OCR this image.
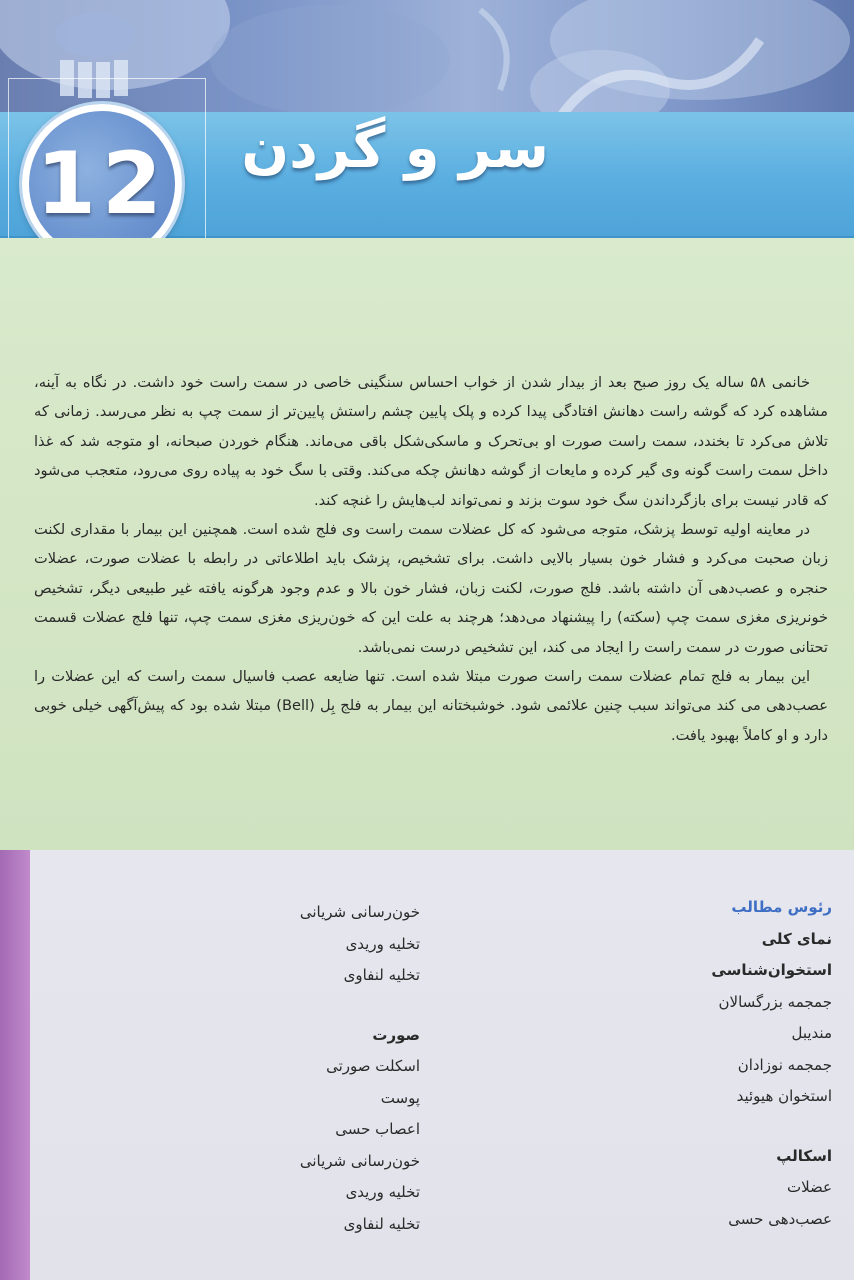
12 سر و گردن

خانمی ۵۸ ساله یک روز صبح بعد از بیدار شدن از خواب احساس سنگینی خاصی در سمت راست خود داشت. در نگاه به آینه، مشاهده کرد که گوشه راست دهانش افتادگی پیدا کرده و پلک پایین چشم راستش پایین‌تر از سمت چپ به نظر می‌رسد. زمانی که تلاش می‌کرد تا بخندد، سمت راست صورت او بی‌تحرک و ماسکی‌شکل باقی می‌ماند. هنگام خوردن صبحانه، او متوجه شد که غذا داخل سمت راست گونه وی گیر کرده و مایعات از گوشه دهانش چکه می‌کند. وقتی با سگ خود به پیاده روی می‌رود، متعجب می‌شود که قادر نیست برای بازگرداندن سگ خود سوت بزند و نمی‌تواند لب‌هایش را غنچه کند.

در معاینه اولیه توسط پزشک، متوجه می‌شود که کل عضلات سمت راست وی فلج شده است. همچنین این بیمار با مقداری لکنت زبان صحبت می‌کرد و فشار خون بسیار بالایی داشت. برای تشخیص، پزشک باید اطلاعاتی در رابطه با عضلات صورت، عضلات حنجره و عصب‌دهی آن داشته باشد. فلج صورت، لکنت زبان، فشار خون بالا و عدم وجود هرگونه یافته غیر طبیعی دیگر، تشخیص خونریزی مغزی سمت چپ (سکته) را پیشنهاد می‌دهد؛ هرچند به علت این که خون‌ریزی مغزی سمت چپ، تنها فلج عضلات قسمت تحتانی صورت در سمت راست را ایجاد می کند، این تشخیص درست نمی‌باشد.

این بیمار به فلج تمام عضلات سمت راست صورت مبتلا شده است. تنها ضایعه عصب فاسیال سمت راست که این عضلات را عصب‌دهی می کند می‌تواند سبب چنین علائمی شود. خوشبختانه این بیمار به فلج بِل (Bell) مبتلا شده بود که پیش‌آگهی خیلی خوبی دارد و او کاملاً بهبود یافت.

رئوس مطالب
نمای کلی
استخوان‌شناسی
جمجمه بزرگسالان
مندیبل
جمجمه نوزادان
استخوان هیوئید
اسکالپ
عضلات
عصب‌دهی حسی
خون‌رسانی شریانی
تخلیه وریدی
تخلیه لنفاوی
صورت
اسکلت صورتی
پوست
اعصاب حسی
خون‌رسانی شریانی
تخلیه وریدی
تخلیه لنفاوی
